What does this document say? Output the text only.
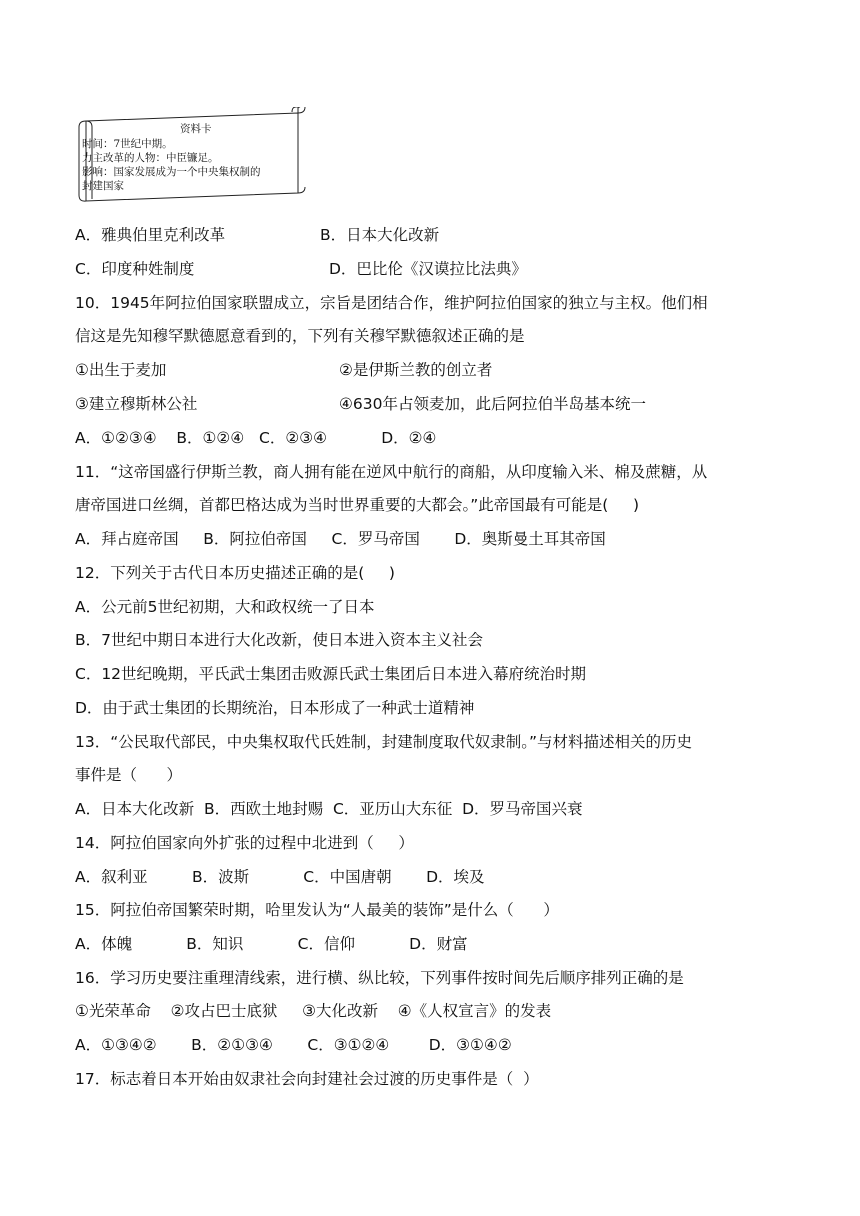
资料卡
时间：7世纪中期。
力主改革的人物：中臣镰足。
影响：国家发展成为一个中央集权制的
封建国家
A．雅典伯里克利改革	B．日本大化改新
C．印度种姓制度	D．巴比伦《汉谟拉比法典》
10．1945年阿拉伯国家联盟成立，宗旨是团结合作，维护阿拉伯国家的独立与主权。他们相
信这是先知穆罕默德愿意看到的，下列有关穆罕默德叙述正确的是
①出生于麦加	②是伊斯兰教的创立者
③建立穆斯林公社	④630年占领麦加，此后阿拉伯半岛基本统一
A．①②③④    B．①②④   C．②③④           D．②④
11．“这帝国盛行伊斯兰教，商人拥有能在逆风中航行的商船，从印度输入米、棉及蔗糖，从
唐帝国进口丝绸，首都巴格达成为当时世界重要的大都会。”此帝国最有可能是(     )
A．拜占庭帝国     B．阿拉伯帝国     C．罗马帝国       D．奥斯曼土耳其帝国
12．下列关于古代日本历史描述正确的是(     )
A．公元前5世纪初期，大和政权统一了日本
B．7世纪中期日本进行大化改新，使日本进入资本主义社会
C．12世纪晚期，平氏武士集团击败源氏武士集团后日本进入幕府统治时期
D．由于武士集团的长期统治，日本形成了一种武士道精神
13．“公民取代部民，中央集权取代氏姓制，封建制度取代奴隶制。”与材料描述相关的历史
事件是（      ）
A．日本大化改新  B．西欧土地封赐  C．亚历山大东征  D．罗马帝国兴衰
14．阿拉伯国家向外扩张的过程中北进到（     ）
A．叙利亚         B．波斯           C．中国唐朝       D．埃及
15．阿拉伯帝国繁荣时期，哈里发认为“人最美的装饰”是什么（      ）
A．体魄           B．知识           C．信仰           D．财富
16．学习历史要注重理清线索，进行横、纵比较，下列事件按时间先后顺序排列正确的是
①光荣革命    ②攻占巴士底狱     ③大化改新    ④《人权宣言》的发表
A．①③④②       B．②①③④       C．③①②④        D．③①④②
17．标志着日本开始由奴隶社会向封建社会过渡的历史事件是（  ）
